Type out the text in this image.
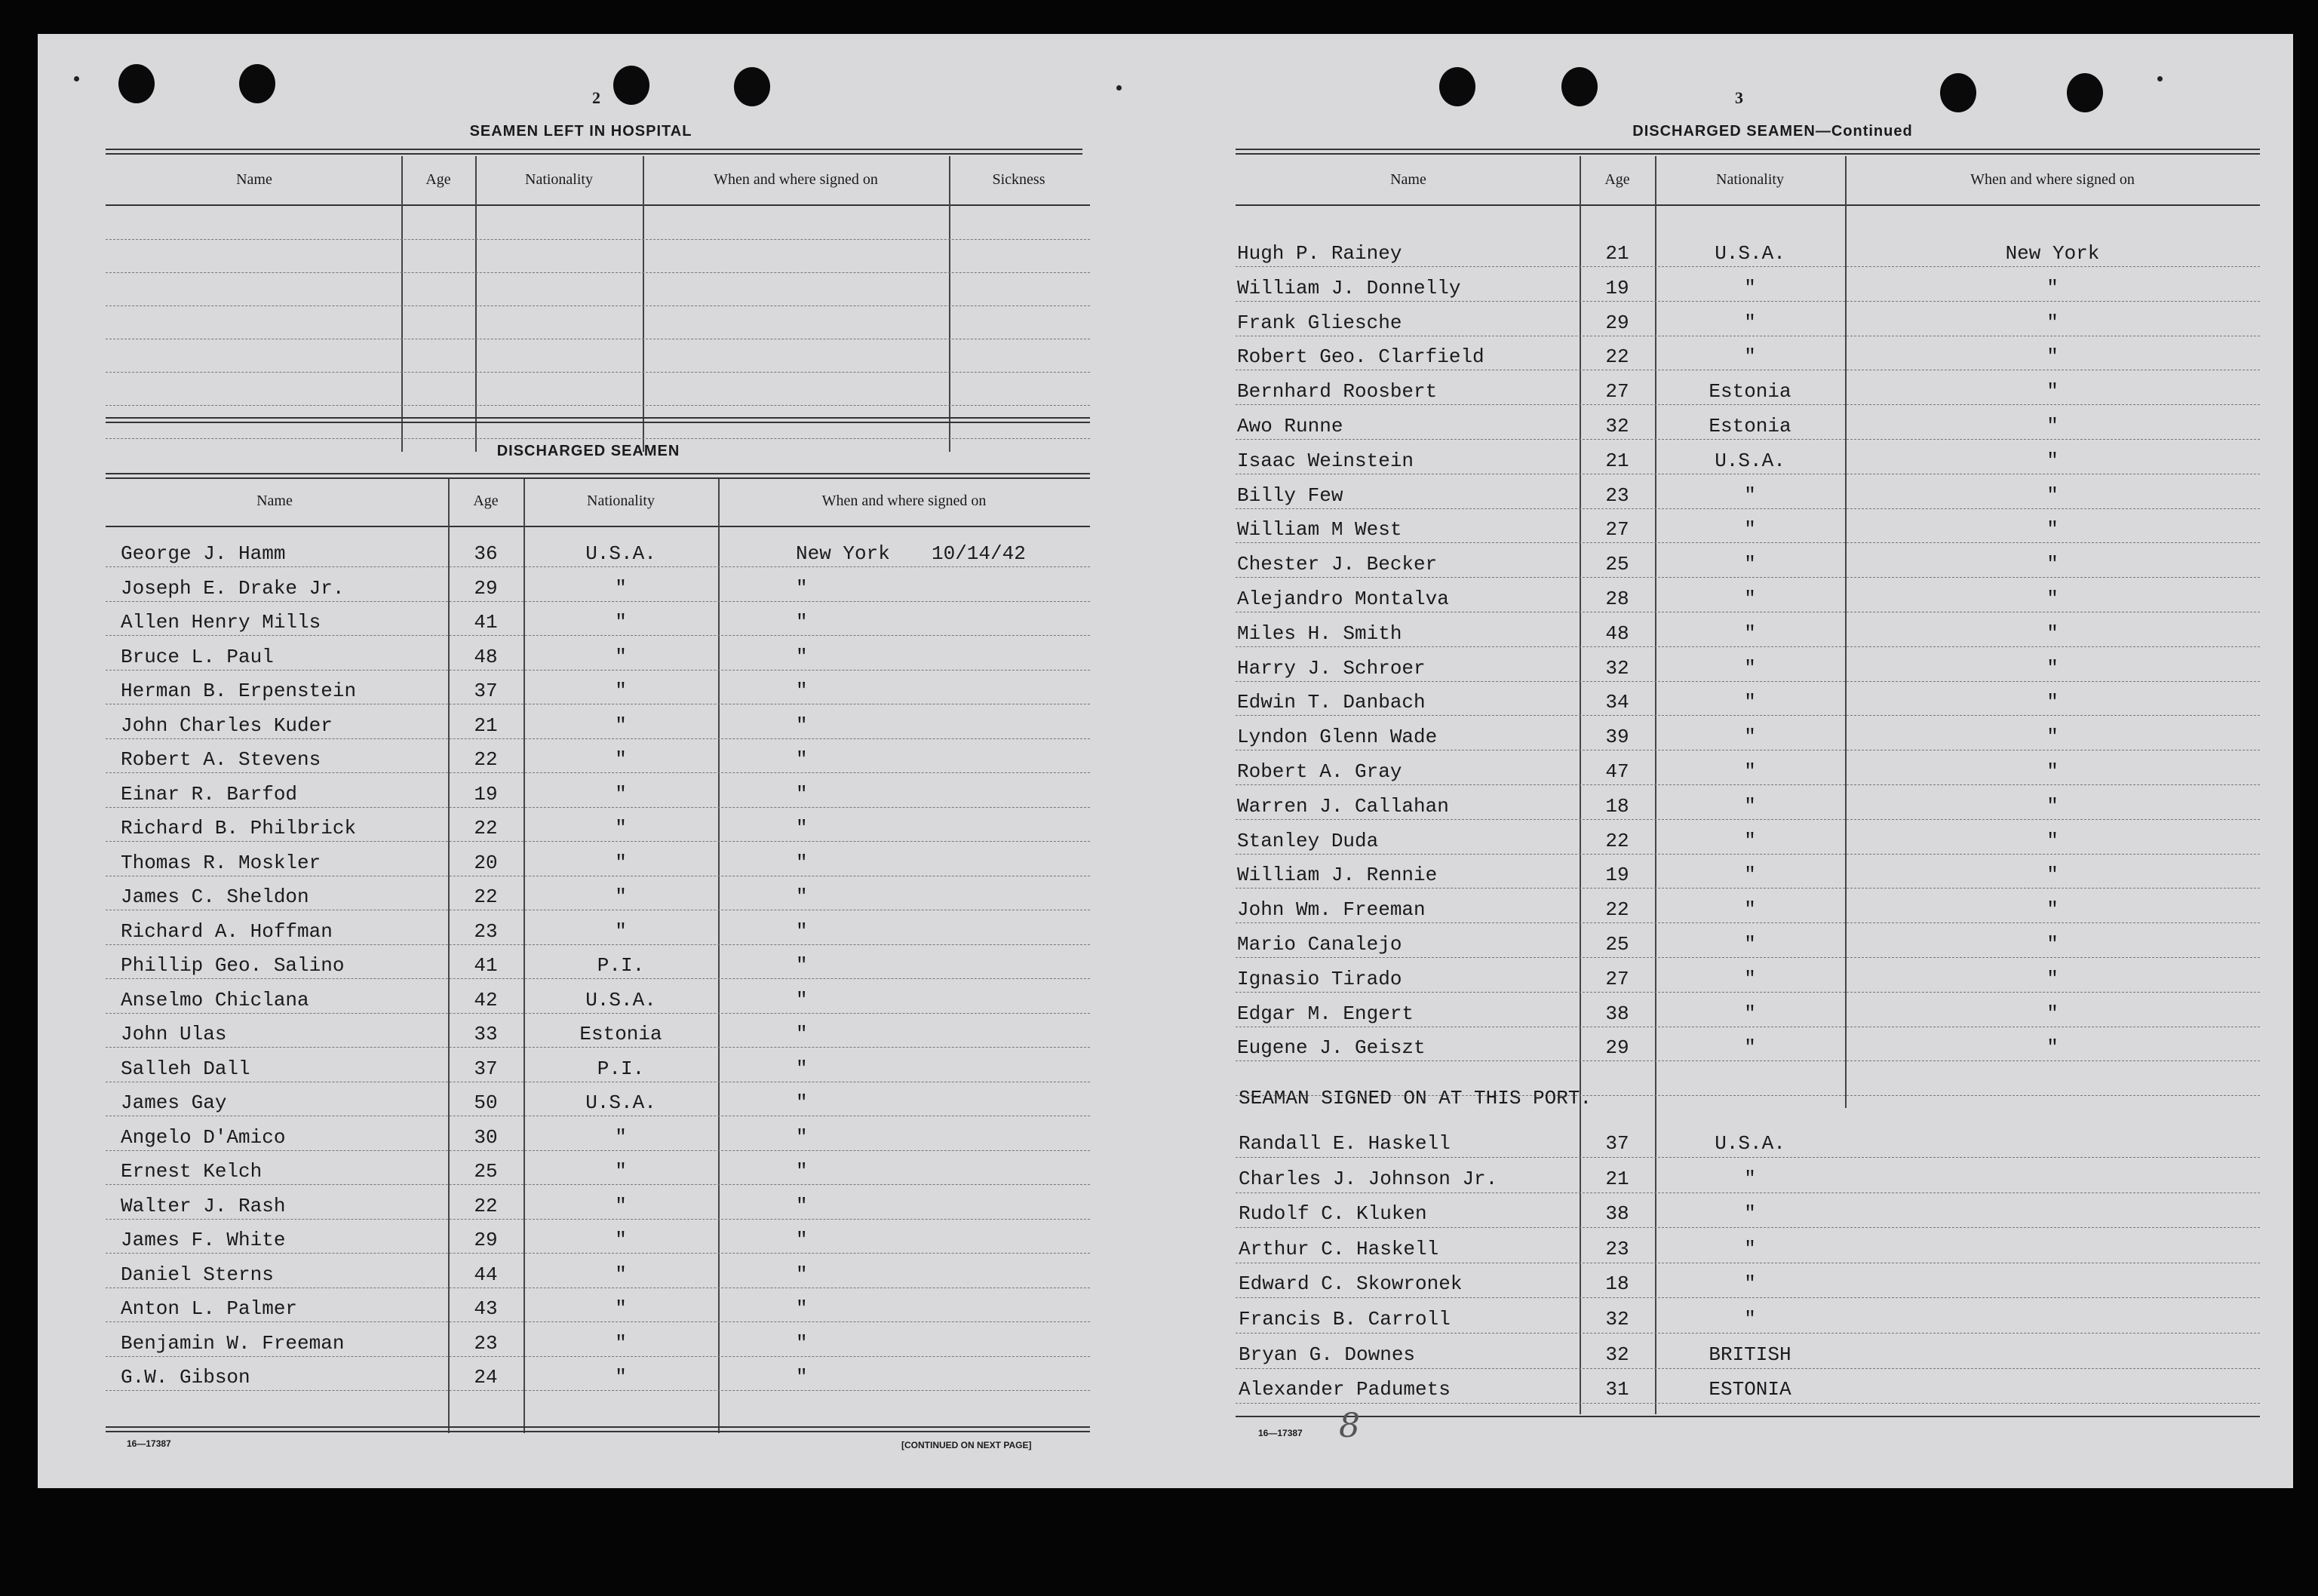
2
SEAMEN LEFT IN HOSPITAL
Name	Age	Nationality	When and where signed on	Sickness
DISCHARGED SEAMEN
Name	Age	Nationality	When and where signed on
George J. Hamm	36	U.S.A.	New York 10/14/42
Joseph E. Drake Jr.	29	"	"
Allen Henry Mills	41	"	"
Bruce L. Paul	48	"	"
Herman B. Erpenstein	37	"	"
John Charles Kuder	21	"	"
Robert A. Stevens	22	"	"
Einar R. Barfod	19	"	"
Richard B. Philbrick	22	"	"
Thomas R. Moskler	20	"	"
James C. Sheldon	22	"	"
Richard A. Hoffman	23	"	"
Phillip Geo. Salino	41	P.I.	"
Anselmo Chiclana	42	U.S.A.	"
John Ulas	33	Estonia	"
Salleh Dall	37	P.I.	"
James Gay	50	U.S.A.	"
Angelo D'Amico	30	"	"
Ernest Kelch	25	"	"
Walter J. Rash	22	"	"
James F. White	29	"	"
Daniel Sterns	44	"	"
Anton L. Palmer	43	"	"
Benjamin W. Freeman	23	"	"
G.W. Gibson	24	"	"
16—17387	[CONTINUED ON NEXT PAGE]
3
DISCHARGED SEAMEN—Continued
Name	Age	Nationality	When and where signed on
Hugh P. Rainey	21	U.S.A.	New York
William J. Donnelly	19	"	"
Frank Gliesche	29	"	"
Robert Geo. Clarfield	22	"	"
Bernhard Roosbert	27	Estonia	"
Awo Runne	32	Estonia	"
Isaac Weinstein	21	U.S.A.	"
Billy Few	23	"	"
William M West	27	"	"
Chester J. Becker	25	"	"
Alejandro Montalva	28	"	"
Miles H. Smith	48	"	"
Harry J. Schroer	32	"	"
Edwin T. Danbach	34	"	"
Lyndon Glenn Wade	39	"	"
Robert A. Gray	47	"	"
Warren J. Callahan	18	"	"
Stanley Duda	22	"	"
William J. Rennie	19	"	"
John Wm. Freeman	22	"	"
Mario Canalejo	25	"	"
Ignasio Tirado	27	"	"
Edgar M. Engert	38	"	"
Eugene J. Geiszt	29	"	"
SEAMAN SIGNED ON AT THIS PORT.
Randall E. Haskell	37	U.S.A.
Charles J. Johnson Jr.	21	"
Rudolf C. Kluken	38	"
Arthur C. Haskell	23	"
Edward C. Skowronek	18	"
Francis B. Carroll	32	"
Bryan G. Downes	32	BRITISH
Alexander Padumets	31	ESTONIA
16—17387 8
